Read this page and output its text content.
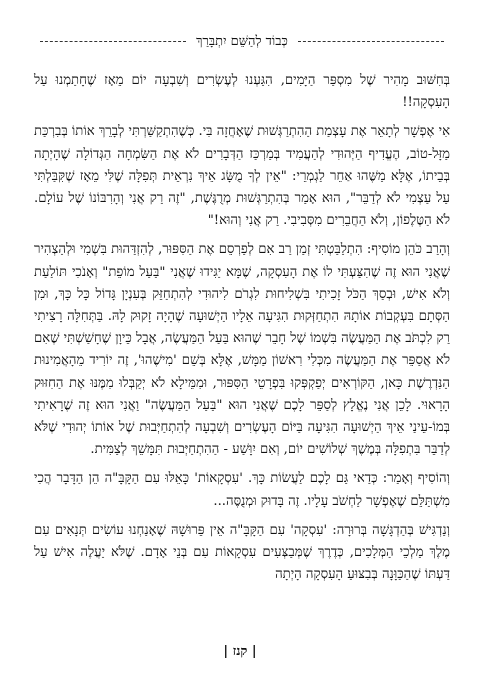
כְּבוֹד לְהַשֵּׁם יִתְבָּרַךְ

בְּחִשּׁוּב מָהִיר שֶׁל מִסְפַּר הַיָּמִים, הִגַּעְנוּ לְעֶשְׂרִים וְשִׁבְעָה יוֹם מֵאָז שֶׁחָתַמְנוּ עַל הָעִסְקָה!!

אִי אֶפְשָׁר לְתָאֵר אֶת עָצְמַת הַהִתְרַגְּשׁוּת שֶׁאָחֲזָה בִּי. כְּשֶׁהִתְקַשַּׁרְתִּי לְבָרֵךְ אוֹתוֹ בְּבִרְכַּת מַזָּל-טוֹב, הֶעֱדִיף הַיְּהוּדִי לְהַעֲמִיד בְּמַרְכַּז הַדְּבָרִים לֹא אֶת הַשִּׂמְחָה הַגְּדוֹלָה שֶׁהָיְתָה בְּבֵיתוֹ, אֶלָּא מַשֶּׁהוּ אַחֵר לַגְמְרֵי: "אֵין לְךָ מֻשָּׂג אֵיךְ נִרְאֵית תְּפִלָּה שֶׁלִּי מֵאָז שֶׁקִּבַּלְתִּי עַל עַצְמִי לֹא לְדַבֵּר", הוּא אָמַר בְּהִתְרַגְּשׁוּת מְרֻגֶּשֶׁת, "זֶה רַק אֲנִי וְהָרִבּוֹנוֹ שֶׁל עוֹלָם. לֹא הַטֶּלֶפוֹן, וְלֹא הַחֲבֵרִים מִסְּבִיבִי. רַק אֲנִי וְהוּא!"

וְהָרַב כֹּהֵן מוֹסִיף: הִתְלַבַּטְתִּי זְמַן רַב אִם לְפַרְסֵם אֶת הַסִּפּוּר, לְהִזְדַּהוּת בִּשְׁמִי וּלְהַצְהִיר שֶׁאֲנִי הוּא זֶה שֶׁהִצַּעְתִּי לוֹ אֶת הָעִסְקָה, שֶׁמָּא יַגִּידוּ שֶׁאֲנִי "בַּעַל מוֹפֵת" וְאָנֹכִי תּוֹלַעַת וְלֹא אִישׁ, וּבְסַךְ הַכֹּל זָכִיתִי בִּשְׁלִיחוּת לִגְרֹם לִיהוּדִי לְהִתְחַזֵּק בְּעִנְיָן גָּדוֹל כָּל כָּךְ, וּמִן הַסְּתָם בִּעְקְבוֹת אוֹתָהּ הִתְחַזְּקוּת הִגִּיעָה אֵלָיו הַיְשׁוּעָה שֶׁהָיָה זָקוּק לָהּ. בַּתְּחִלָּה רָצִיתִי רַק לִכְתֹּב אֶת הַמַּעֲשֶׂה בִּשְׁמוֹ שֶׁל חָבֵר שֶׁהוּא בַּעַל הַמַּעֲשֶׂה, אֲבָל כֵּיוָן שֶׁחָשַׁשְׁתִּי שֶׁאִם לֹא אֲסַפֵּר אֶת הַמַּעֲשֶׂה מִכְּלִי רִאשׁוֹן מַמָּשׁ, אֶלָּא בְּשֵׁם 'מִישֶׁהוּ', זֶה יוֹרִיד מֵהָאֲמִינוּת הַנִּדְרֶשֶׁת כָּאן, הַקּוֹרְאִים יְפַקְפְּקוּ בִּפְרָטֵי הַסִּפּוּר, וּמִמֵּילָא לֹא יְקַבְּלוּ מִמֶּנּוּ אֶת הַחִזּוּק הָרָאוּי. לָכֵן אֲנִי נֶאֱלָץ לְסַפֵּר לָכֶם שֶׁאֲנִי הוּא "בַּעַל הַמַּעֲשֶׂה" וַאֲנִי הוּא זֶה שֶׁרָאִיתִי בְּמוֹ-עֵינַי אֵיךְ הַיְשׁוּעָה הִגִּיעָה בַּיּוֹם הָעֶשְׂרִים וְשִׁבְעָה לְהִתְחַיְּבוּת שֶׁל אוֹתוֹ יְהוּדִי שֶׁלֹּא לְדַבֵּר בִּתְפִלָּה בְּמֶשֶׁךְ שְׁלוֹשִׁים יוֹם, וְאִם יִוָּשַׁע - הַהִתְחַיְּבוּת תִּמָּשֵׁךְ לְצַמִּית.

וְהוֹסִיף וְאָמַר: כְּדַאי גַּם לָכֶם לַעֲשׂוֹת כָּךְ. 'עִסְקָאוֹת' כָּאֵלּוּ עִם הַקָּבָּ"ה הֵן הַדָּבָר הֲכִי מִשְׁתַּלֵּם שֶׁאֶפְשָׁר לַחְשֹׁב עָלָיו. זֶה בָּדוּק וּמְנֻסֶּה...

וְנַדְגִּישׁ בְּהַדְגָּשָׁה בְּרוּרָה: 'עִסְקָה' עִם הַקָּבָּ"ה אֵין פֵּרוּשָׁהּ שֶׁאָנַחְנוּ עוֹשִׂים תְּנָאִים עִם מֶלֶךְ מַלְכֵי הַמְּלָכִים, כְּדֶרֶךְ שֶׁמְּבַצְּעִים עִסְקָאוֹת עִם בְּנֵי אָדָם. שֶׁלֹּא יַעֲלֶה אִישׁ עַל דַּעְתּוֹ שֶׁהַכַּוָּנָה בְּבִצּוּעַ הָעִסְקָה הָיְתָה

| קנז |
